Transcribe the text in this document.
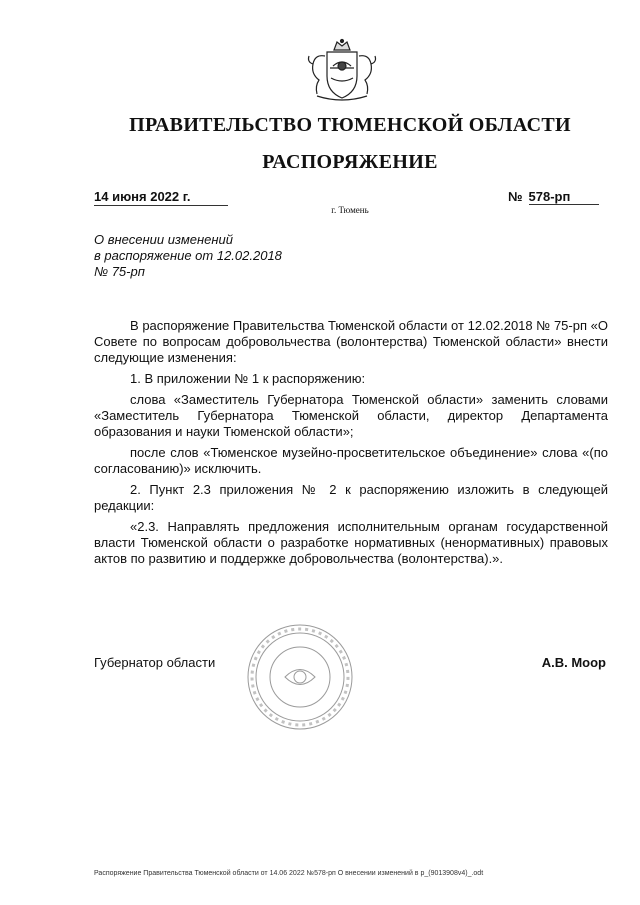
ПРАВИТЕЛЬСТВО ТЮМЕНСКОЙ ОБЛАСТИ
РАСПОРЯЖЕНИЕ
14 июня 2022 г.	№ 578-рп
г. Тюмень
О внесении изменений
в распоряжение от 12.02.2018
№ 75-рп

В распоряжение Правительства Тюменской области от 12.02.2018 № 75-рп «О Совете по вопросам добровольчества (волонтерства) Тюменской области» внести следующие изменения:

1. В приложении № 1 к распоряжению:

слова «Заместитель Губернатора Тюменской области» заменить словами «Заместитель Губернатора Тюменской области, директор Департамента образования и науки Тюменской области»;

после слов «Тюменское музейно-просветительское объединение» слова «(по согласованию)» исключить.

2. Пункт 2.3 приложения № 2 к распоряжению изложить в следующей редакции:

«2.3. Направлять предложения исполнительным органам государственной власти Тюменской области о разработке нормативных (ненормативных) правовых актов по развитию и поддержке добровольчества (волонтерства).».

Губернатор области	А.В. Моор
Распоряжение Правительства Тюменской области от 14.06 2022 №578-рп О внесении изменений в р_(9013908v4)_.odt
